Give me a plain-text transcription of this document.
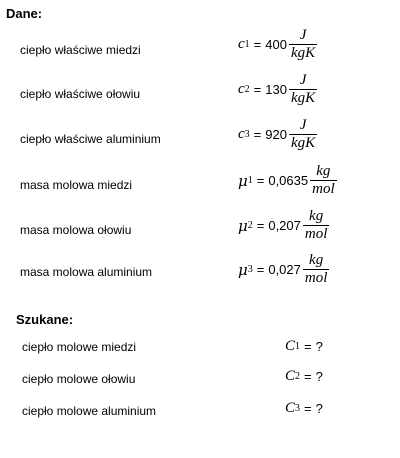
Dane:
ciepło właściwe miedzi	c $1 = 400 \frac{J}{\text{kgK}}$
ciepło właściwe ołowiu	c $2 = 130 \frac{J}{\text{kgK}}$
ciepło właściwe aluminium	c $3 = 920 \frac{J}{\text{kgK}}$
masa molowa miedzi	μ $1 = 0,0635 \frac{kg}{\text{mol}}$
masa molowa ołowiu	μ $2 = 0,207 \frac{kg}{\text{mol}}$
masa molowa aluminium	μ $3 = 0,027 \frac{kg}{\text{mol}}$
Szukane:
ciepło molowe miedzi	C 1 = ?
ciepło molowe ołowiu	C 2 = ?
ciepło molowe aluminium	C 3 = ?
